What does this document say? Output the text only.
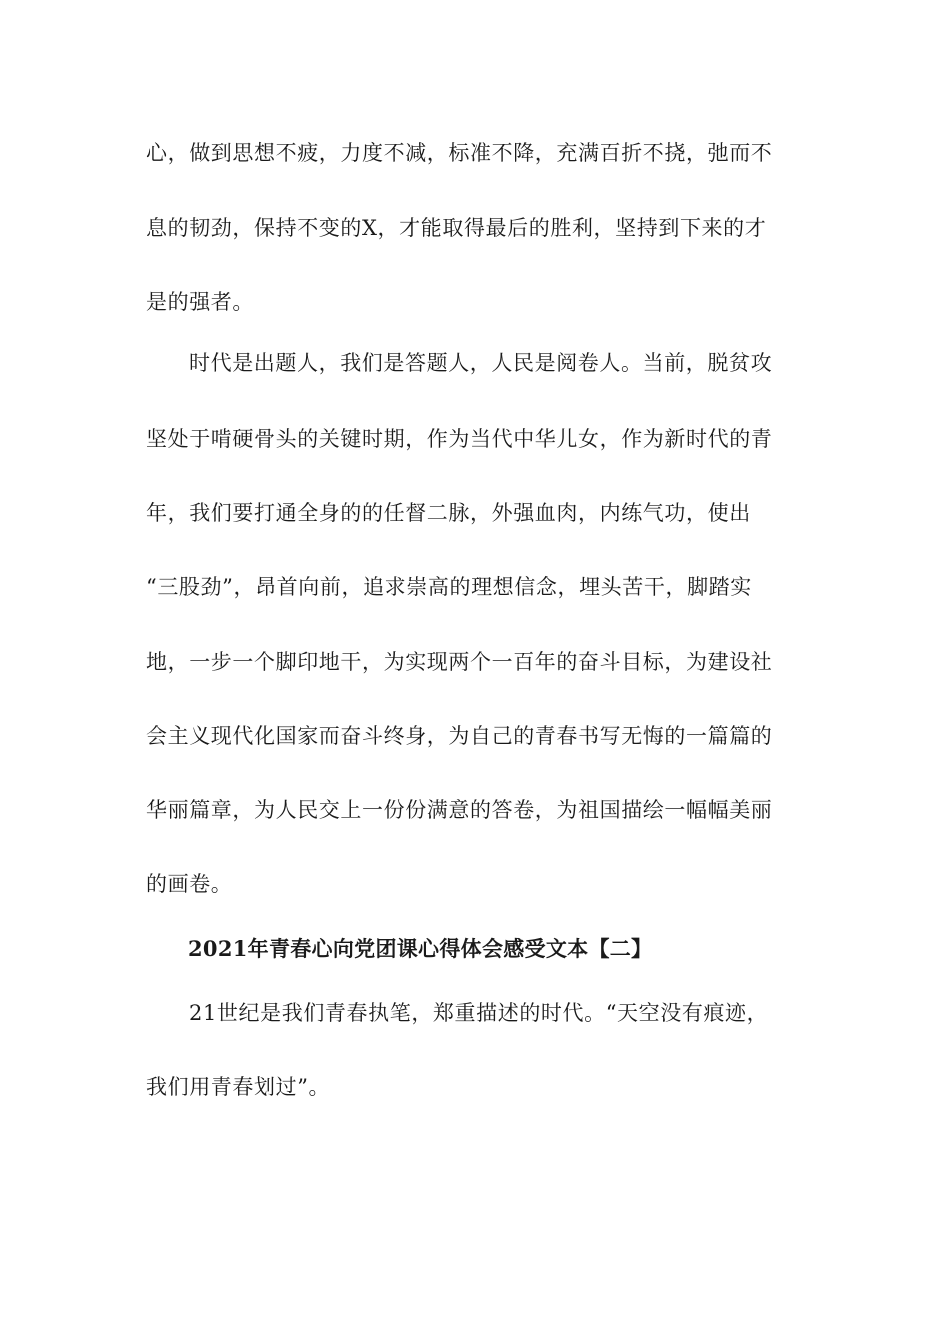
心，做到思想不疲，力度不减，标准不降，充满百折不挠，弛而不
息的韧劲，保持不变的X，才能取得最后的胜利，坚持到下来的才
是的强者。
时代是出题人，我们是答题人，人民是阅卷人。当前，脱贫攻
坚处于啃硬骨头的关键时期，作为当代中华儿女，作为新时代的青
年，我们要打通全身的的任督二脉，外强血肉，内练气功，使出
“三股劲”，昂首向前，追求崇高的理想信念，埋头苦干，脚踏实
地，一步一个脚印地干，为实现两个一百年的奋斗目标，为建设社
会主义现代化国家而奋斗终身，为自己的青春书写无悔的一篇篇的
华丽篇章，为人民交上一份份满意的答卷，为祖国描绘一幅幅美丽
的画卷。
2021年青春心向党团课心得体会感受文本【二】
21世纪是我们青春执笔，郑重描述的时代。“天空没有痕迹，
我们用青春划过”。
